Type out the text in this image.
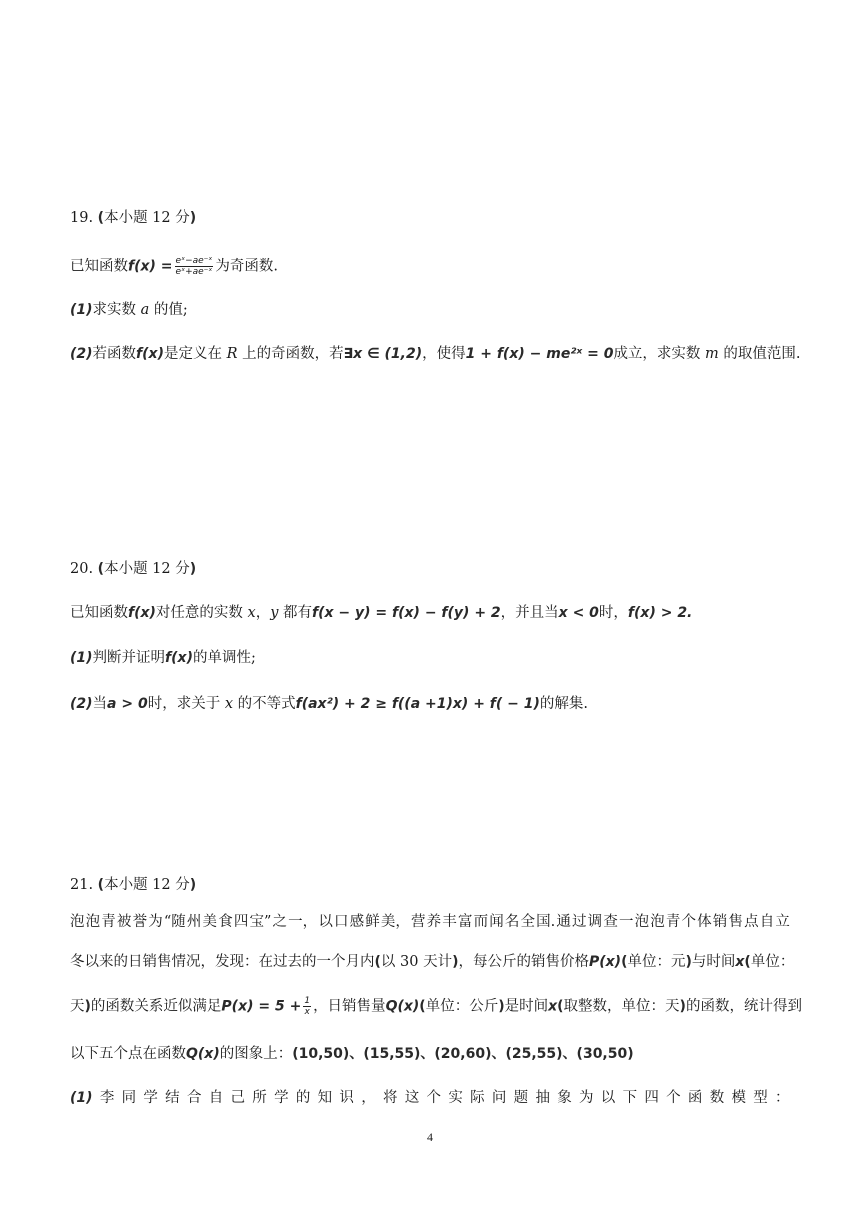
19. (本小题 12 分)
已知函数$f(x) = \frac{\text{eˣ−ae⁻ˣ}}{\text{eˣ+ae⁻ˣ}}$ 为奇函数.
(1)求实数 a 的值;
(2)若函数f(x)是定义在 R 上的奇函数，若∃x ∈ (1,2)，使得1 + f(x) − me²ˣ = 0成立，求实数 m 的取值范围.
20. (本小题 12 分)
已知函数f(x)对任意的实数 x，y 都有f(x − y) = f(x) − f(y) + 2，并且当x < 0时，f(x) > 2.
(1)判断并证明f(x)的单调性;
(2)当a > 0时，求关于 x 的不等式f(ax²) + 2 ≥ f((a +1)x) + f( − 1)的解集.
21. (本小题 12 分)
泡 泡 青 被 誉 为 “随 州 美 食 四 宝” 之 一， 以 口 感 鲜 美， 营 养 丰 富 而 闻 名 全 国. 通 过 调 查 一 泡 泡 青 个 体 销 售 点 自 立
冬以来的日销售情况，发现：在过去的一个月内(以 30 天计)，每公斤的销售价格P(x)(单位：元)与时间x(单位：
天)的函数关系近似满足$P(x) = 5 + \frac{1}{x}$ ，日销售量Q(x)(单位：公斤)是时间x(取整数，单位：天)的函数，统计得到
以下五个点在函数Q(x)的图象上：(10,50)、(15,55)、(20,60)、(25,55)、(30,50)
(1) 李 同 学 结 合 自 己 所 学 的 知 识 ， 将 这 个 实 际 问 题 抽 象 为 以 下 四 个 函 数 模 型 ：
4
